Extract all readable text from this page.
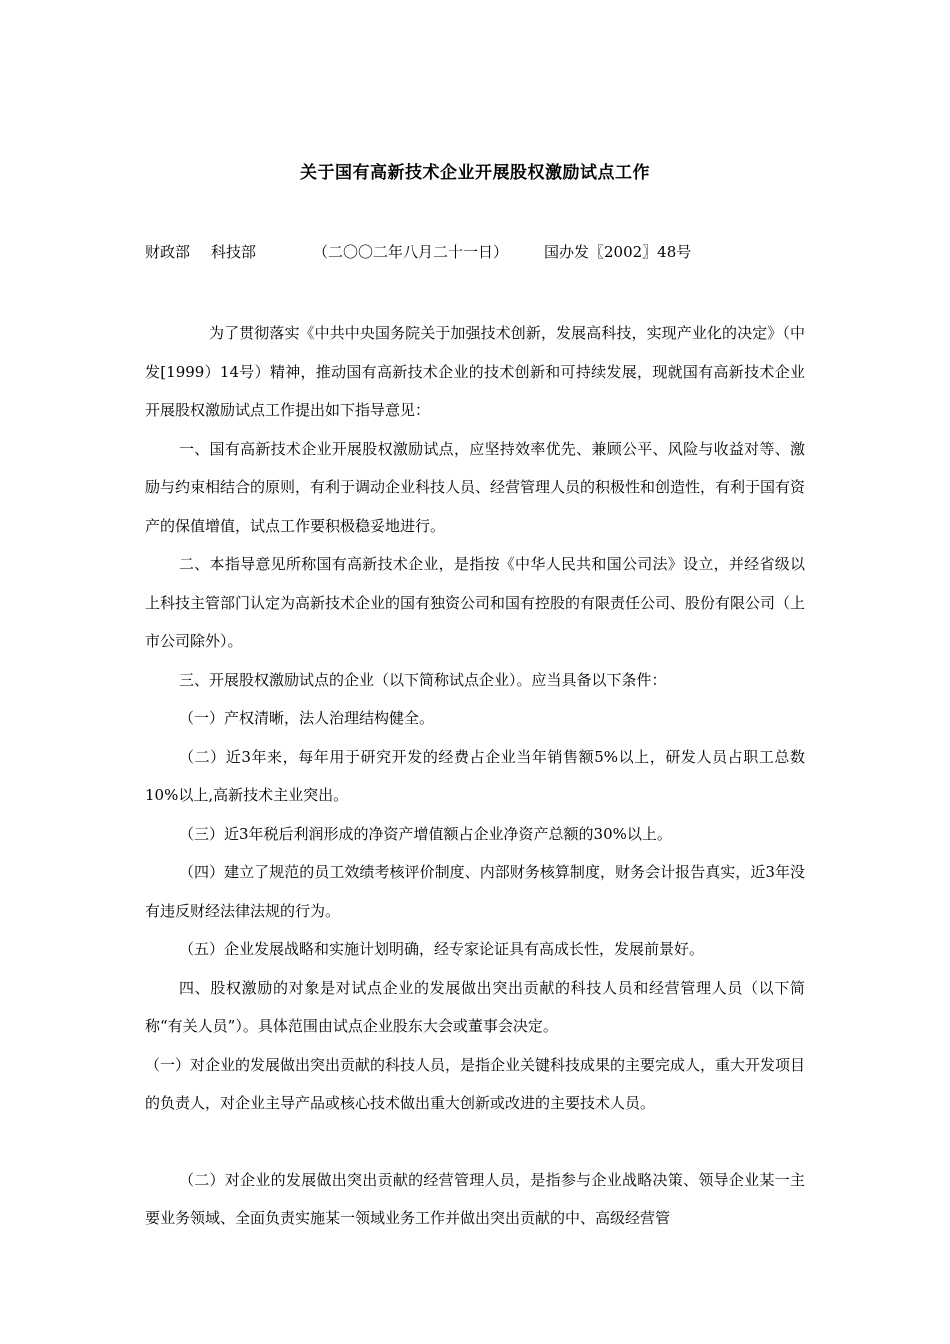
关于国有高新技术企业开展股权激励试点工作
财政部 科技部	（二〇〇二年八月二十一日） 国办发〖2002〗48号

为了贯彻落实《中共中央国务院关于加强技术创新，发展高科技，实现产业化的决定》（中发[1999）14号）精神，推动国有高新技术企业的技术创新和可持续发展，现就国有高新技术企业开展股权激励试点工作提出如下指导意见：

一、国有高新技术企业开展股权激励试点，应坚持效率优先、兼顾公平、风险与收益对等、激励与约束相结合的原则，有利于调动企业科技人员、经营管理人员的积极性和创造性，有利于国有资产的保值增值，试点工作要积极稳妥地进行。

二、本指导意见所称国有高新技术企业，是指按《中华人民共和国公司法》设立，并经省级以上科技主管部门认定为高新技术企业的国有独资公司和国有控股的有限责任公司、股份有限公司（上市公司除外）。

三、开展股权激励试点的企业（以下简称试点企业）。应当具备以下条件：

（一）产权清晰，法人治理结构健全。

（二）近3年来，每年用于研究开发的经费占企业当年销售额5%以上，研发人员占职工总数10%以上,高新技术主业突出。

（三）近3年税后利润形成的净资产增值额占企业净资产总额的30%以上。

（四）建立了规范的员工效绩考核评价制度、内部财务核算制度，财务会计报告真实，近3年没有违反财经法律法规的行为。

（五）企业发展战略和实施计划明确，经专家论证具有高成长性，发展前景好。

四、股权激励的对象是对试点企业的发展做出突出贡献的科技人员和经营管理人员（以下简称“有关人员”）。具体范围由试点企业股东大会或董事会决定。

（一）对企业的发展做出突出贡献的科技人员，是指企业关键科技成果的主要完成人，重大开发项目的负责人，对企业主导产品或核心技术做出重大创新或改进的主要技术人员。

（二）对企业的发展做出突出贡献的经营管理人员，是指参与企业战略决策、领导企业某一主要业务领域、全面负责实施某一领域业务工作并做出突出贡献的中、高级经营管
